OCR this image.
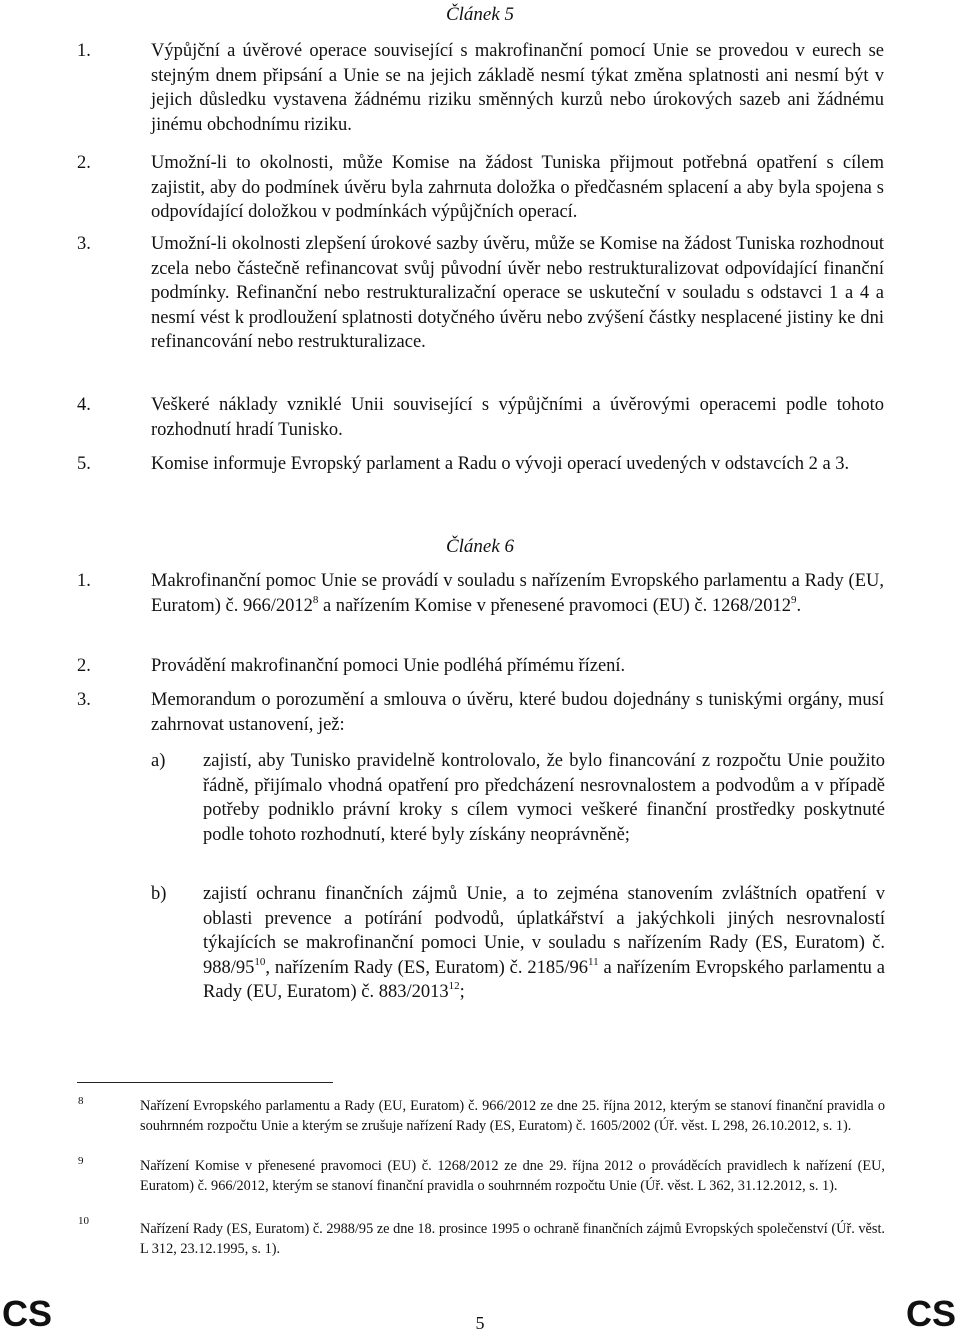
Článek 5
1.	Výpůjční a úvěrové operace související s makrofinanční pomocí Unie se provedou v eurech se stejným dnem připsání a Unie se na jejich základě nesmí týkat změna splatnosti ani nesmí být v jejich důsledku vystavena žádnému riziku směnných kurzů nebo úrokových sazeb ani žádnému jinému obchodnímu riziku.
2.	Umožní-li to okolnosti, může Komise na žádost Tuniska přijmout potřebná opatření s cílem zajistit, aby do podmínek úvěru byla zahrnuta doložka o předčasném splacení a aby byla spojena s odpovídající doložkou v podmínkách výpůjčních operací.
3.	Umožní-li okolnosti zlepšení úrokové sazby úvěru, může se Komise na žádost Tuniska rozhodnout zcela nebo částečně refinancovat svůj původní úvěr nebo restrukturalizovat odpovídající finanční podmínky. Refinanční nebo restrukturalizační operace se uskuteční v souladu s odstavci 1 a 4 a nesmí vést k prodloužení splatnosti dotyčného úvěru nebo zvýšení částky nesplacené jistiny ke dni refinancování nebo restrukturalizace.
4.	Veškeré náklady vzniklé Unii související s výpůjčními a úvěrovými operacemi podle tohoto rozhodnutí hradí Tunisko.
5.	Komise informuje Evropský parlament a Radu o vývoji operací uvedených v odstavcích 2 a 3.
Článek 6
1.	Makrofinanční pomoc Unie se provádí v souladu s nařízením Evropského parlamentu a Rady (EU, Euratom) č. 966/2012$^8$ a nařízením Komise v přenesené pravomoci (EU) č. 1268/2012$^9$.
2.	Provádění makrofinanční pomoci Unie podléhá přímému řízení.
3.	Memorandum o porozumění a smlouva o úvěru, které budou dojednány s tuniskými orgány, musí zahrnovat ustanovení, jež:
a)	zajistí, aby Tunisko pravidelně kontrolovalo, že bylo financování z rozpočtu Unie použito řádně, přijímalo vhodná opatření pro předcházení nesrovnalostem a podvodům a v případě potřeby podniklo právní kroky s cílem vymoci veškeré finanční prostředky poskytnuté podle tohoto rozhodnutí, které byly získány neoprávněně;
b)	zajistí ochranu finančních zájmů Unie, a to zejména stanovením zvláštních opatření v oblasti prevence a potírání podvodů, úplatkářství a jakýchkoli jiných nesrovnalostí týkajících se makrofinanční pomoci Unie, v souladu s nařízením Rady (ES, Euratom) č. $988/95^{10}$, nařízením Rady (ES, Euratom) č. $2185/96^{11}$ a nařízením Evropského parlamentu a Rady (EU, Euratom) č. 883/2013$^{12}$;
8	Nařízení Evropského parlamentu a Rady (EU, Euratom) č. 966/2012 ze dne 25. října 2012, kterým se stanoví finanční pravidla o souhrnném rozpočtu Unie a kterým se zrušuje nařízení Rady (ES, Euratom) č. 1605/2002 (Úř. věst. L 298, 26.10.2012, s. 1).
9	Nařízení Komise v přenesené pravomoci (EU) č. 1268/2012 ze dne 29. října 2012 o prováděcích pravidlech k nařízení (EU, Euratom) č. 966/2012, kterým se stanoví finanční pravidla o souhrnném rozpočtu Unie (Úř. věst. L 362, 31.12.2012, s. 1).
10	Nařízení Rady (ES, Euratom) č. 2988/95 ze dne 18. prosince 1995 o ochraně finančních zájmů Evropských společenství (Úř. věst. L 312, 23.12.1995, s. 1).
CS	5	CS
